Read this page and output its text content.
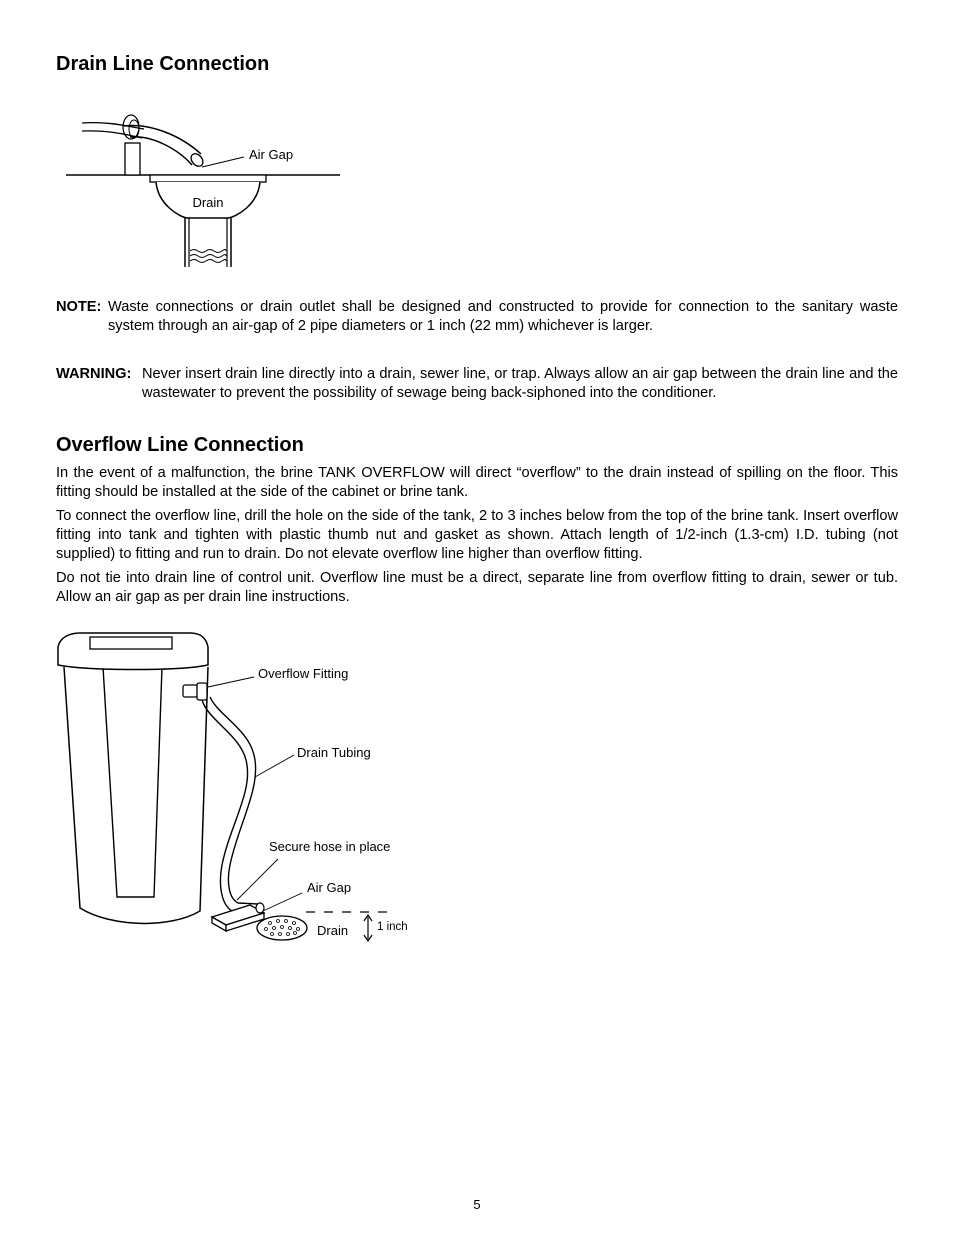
Drain Line Connection
Air Gap
Drain
NOTE: Waste connections or drain outlet shall be designed and constructed to provide for connection to the sanitary waste system through an air-gap of 2 pipe diameters or 1 inch (22 mm) whichever is larger.

WARNING: Never insert drain line directly into a drain, sewer line, or trap. Always allow an air gap between the drain line and the wastewater to prevent the possibility of sewage being back-siphoned into the conditioner.

Overflow Line Connection

In the event of a malfunction, the brine TANK OVERFLOW will direct “overflow” to the drain instead of spilling on the floor. This fitting should be installed at the side of the cabinet or brine tank.

To connect the overflow line, drill the hole on the side of the tank, 2 to 3 inches below from the top of the brine tank. Insert overflow fitting into tank and tighten with plastic thumb nut and gasket as shown. Attach length of 1/2-inch (1.3-cm) I.D. tubing (not supplied) to fitting and run to drain. Do not elevate overflow line higher than overflow fitting.

Do not tie into drain line of control unit. Overflow line must be a direct, separate line from overflow fitting to drain, sewer or tub. Allow an air gap as per drain line instructions.

Overflow Fitting
Drain Tubing
Secure hose in place
Air Gap
Drain	1 inch
5
